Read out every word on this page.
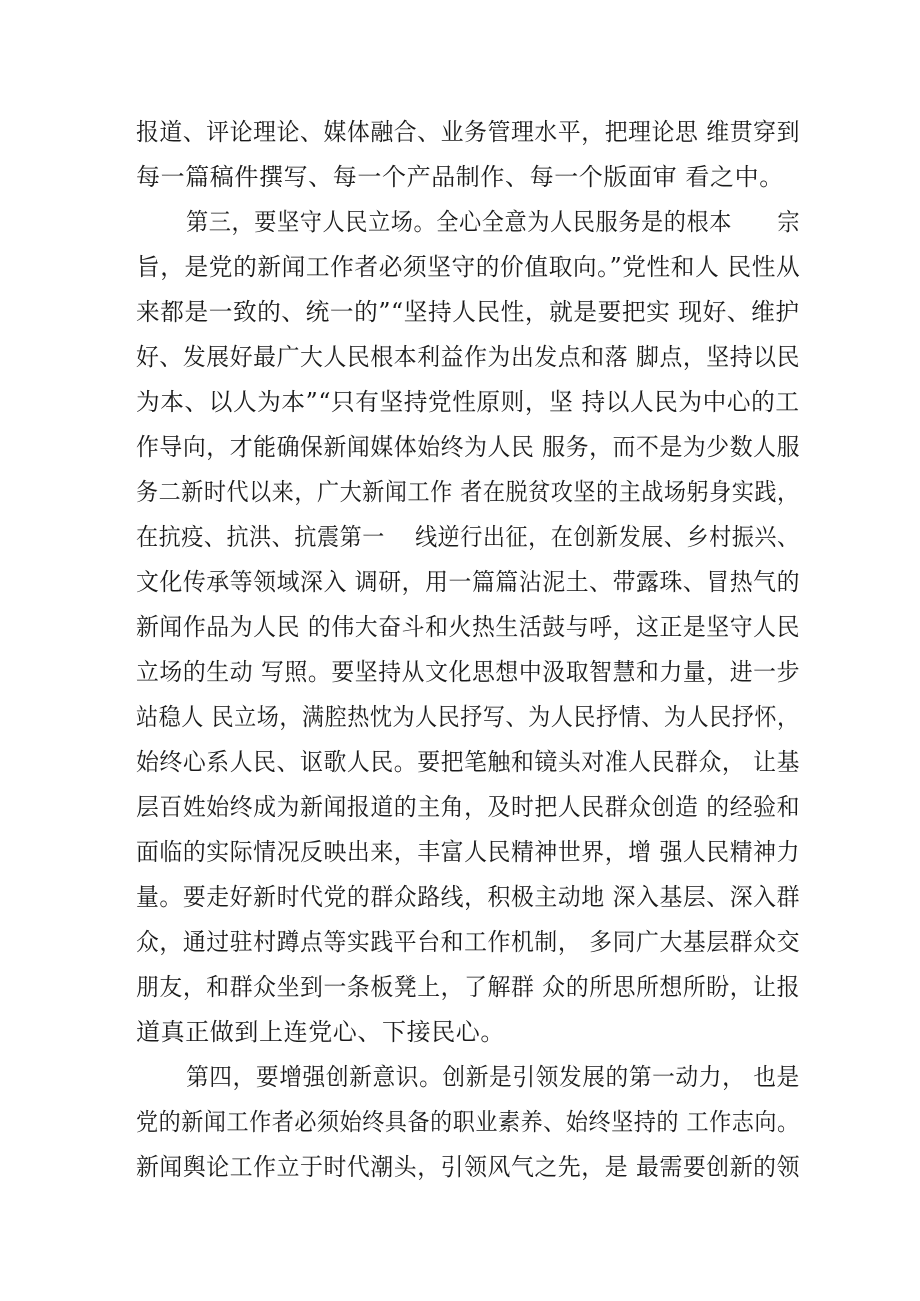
报道、评论理论、媒体融合、业务管理水平，把理论思 维贯穿到
每一篇稿件撰写、每一个产品制作、每一个版面审 看之中。
第三，要坚守人民立场。全心全意为人民服务是的根本　　宗
旨，是党的新闻工作者必须坚守的价值取向。”党性和人 民性从
来都是一致的、统一的”“坚持人民性，就是要把实 现好、维护
好、发展好最广大人民根本利益作为出发点和落 脚点，坚持以民
为本、以人为本”“只有坚持党性原则，坚 持以人民为中心的工
作导向，才能确保新闻媒体始终为人民 服务，而不是为少数人服
务二新时代以来，广大新闻工作 者在脱贫攻坚的主战场躬身实践，
在抗疫、抗洪、抗震第一　 线逆行出征，在创新发展、乡村振兴、
文化传承等领域深入 调研，用一篇篇沾泥土、带露珠、冒热气的
新闻作品为人民 的伟大奋斗和火热生活鼓与呼，这正是坚守人民
立场的生动 写照。要坚持从文化思想中汲取智慧和力量，进一步
站稳人 民立场，满腔热忱为人民抒写、为人民抒情、为人民抒怀，
始终心系人民、讴歌人民。要把笔触和镜头对准人民群众， 让基
层百姓始终成为新闻报道的主角，及时把人民群众创造 的经验和
面临的实际情况反映出来，丰富人民精神世界，增 强人民精神力
量。要走好新时代党的群众路线，积极主动地 深入基层、深入群
众，通过驻村蹲点等实践平台和工作机制， 多同广大基层群众交
朋友，和群众坐到一条板凳上，了解群 众的所思所想所盼，让报
道真正做到上连党心、下接民心。
第四，要增强创新意识。创新是引领发展的第一动力， 也是
党的新闻工作者必须始终具备的职业素养、始终坚持的 工作志向。
新闻舆论工作立于时代潮头，引领风气之先，是 最需要创新的领
